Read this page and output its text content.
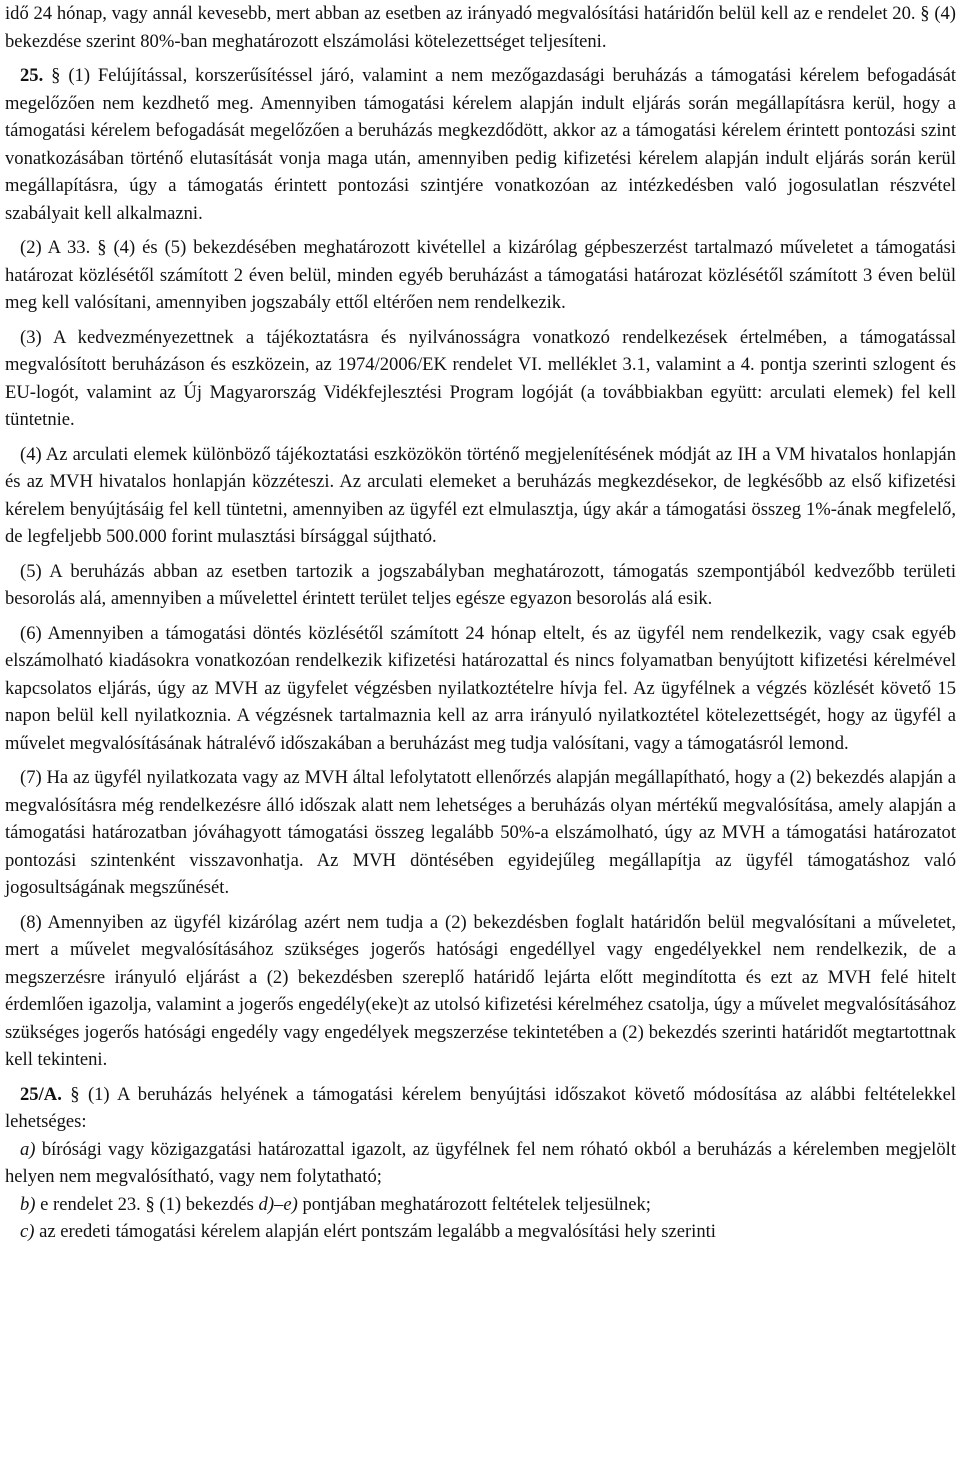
idő 24 hónap, vagy annál kevesebb, mert abban az esetben az irányadó megvalósítási határidőn belül kell az e rendelet 20. § (4) bekezdése szerint 80%-ban meghatározott elszámolási kötelezettséget teljesíteni.

25. § (1) Felújítással, korszerűsítéssel járó, valamint a nem mezőgazdasági beruházás a támogatási kérelem befogadását megelőzően nem kezdhető meg. Amennyiben támogatási kérelem alapján indult eljárás során megállapításra kerül, hogy a támogatási kérelem befogadását megelőzően a beruházás megkezdődött, akkor az a támogatási kérelem érintett pontozási szint vonatkozásában történő elutasítását vonja maga után, amennyiben pedig kifizetési kérelem alapján indult eljárás során kerül megállapításra, úgy a támogatás érintett pontozási szintjére vonatkozóan az intézkedésben való jogosulatlan részvétel szabályait kell alkalmazni.

(2) A 33. § (4) és (5) bekezdésében meghatározott kivétellel a kizárólag gépbeszerzést tartalmazó műveletet a támogatási határozat közlésétől számított 2 éven belül, minden egyéb beruházást a támogatási határozat közlésétől számított 3 éven belül meg kell valósítani, amennyiben jogszabály ettől eltérően nem rendelkezik.

(3) A kedvezményezettnek a tájékoztatásra és nyilvánosságra vonatkozó rendelkezések értelmében, a támogatással megvalósított beruházáson és eszközein, az 1974/2006/EK rendelet VI. melléklet 3.1, valamint a 4. pontja szerinti szlogent és EU-logót, valamint az Új Magyarország Vidékfejlesztési Program logóját (a továbbiakban együtt: arculati elemek) fel kell tüntetnie.

(4) Az arculati elemek különböző tájékoztatási eszközökön történő megjelenítésének módját az IH a VM hivatalos honlapján és az MVH hivatalos honlapján közzéteszi. Az arculati elemeket a beruházás megkezdésekor, de legkésőbb az első kifizetési kérelem benyújtásáig fel kell tüntetni, amennyiben az ügyfél ezt elmulasztja, úgy akár a támogatási összeg 1%-ának megfelelő, de legfeljebb 500.000 forint mulasztási bírsággal sújtható.

(5) A beruházás abban az esetben tartozik a jogszabályban meghatározott, támogatás szempontjából kedvezőbb területi besorolás alá, amennyiben a művelettel érintett terület teljes egésze egyazon besorolás alá esik.

(6) Amennyiben a támogatási döntés közlésétől számított 24 hónap eltelt, és az ügyfél nem rendelkezik, vagy csak egyéb elszámolható kiadásokra vonatkozóan rendelkezik kifizetési határozattal és nincs folyamatban benyújtott kifizetési kérelmével kapcsolatos eljárás, úgy az MVH az ügyfelet végzésben nyilatkoztételre hívja fel. Az ügyfélnek a végzés közlését követő 15 napon belül kell nyilatkoznia. A végzésnek tartalmaznia kell az arra irányuló nyilatkoztétel kötelezettségét, hogy az ügyfél a művelet megvalósításának hátralévő időszakában a beruházást meg tudja valósítani, vagy a támogatásról lemond.

(7) Ha az ügyfél nyilatkozata vagy az MVH által lefolytatott ellenőrzés alapján megállapítható, hogy a (2) bekezdés alapján a megvalósításra még rendelkezésre álló időszak alatt nem lehetséges a beruházás olyan mértékű megvalósítása, amely alapján a támogatási határozatban jóváhagyott támogatási összeg legalább 50%-a elszámolható, úgy az MVH a támogatási határozatot pontozási szintenként visszavonhatja. Az MVH döntésében egyidejűleg megállapítja az ügyfél támogatáshoz való jogosultságának megszűnését.

(8) Amennyiben az ügyfél kizárólag azért nem tudja a (2) bekezdésben foglalt határidőn belül megvalósítani a műveletet, mert a művelet megvalósításához szükséges jogerős hatósági engedéllyel vagy engedélyekkel nem rendelkezik, de a megszerzésre irányuló eljárást a (2) bekezdésben szereplő határidő lejárta előtt megindította és ezt az MVH felé hitelt érdemlően igazolja, valamint a jogerős engedély(eke)t az utolsó kifizetési kérelméhez csatolja, úgy a művelet megvalósításához szükséges jogerős hatósági engedély vagy engedélyek megszerzése tekintetében a (2) bekezdés szerinti határidőt megtartottnak kell tekinteni.

25/A. § (1) A beruházás helyének a támogatási kérelem benyújtási időszakot követő módosítása az alábbi feltételekkel lehetséges:

a) bírósági vagy közigazgatási határozattal igazolt, az ügyfélnek fel nem róható okból a beruházás a kérelemben megjelölt helyen nem megvalósítható, vagy nem folytatható;

b) e rendelet 23. § (1) bekezdés d)–e) pontjában meghatározott feltételek teljesülnek;

c) az eredeti támogatási kérelem alapján elért pontszám legalább a megvalósítási hely szerinti
